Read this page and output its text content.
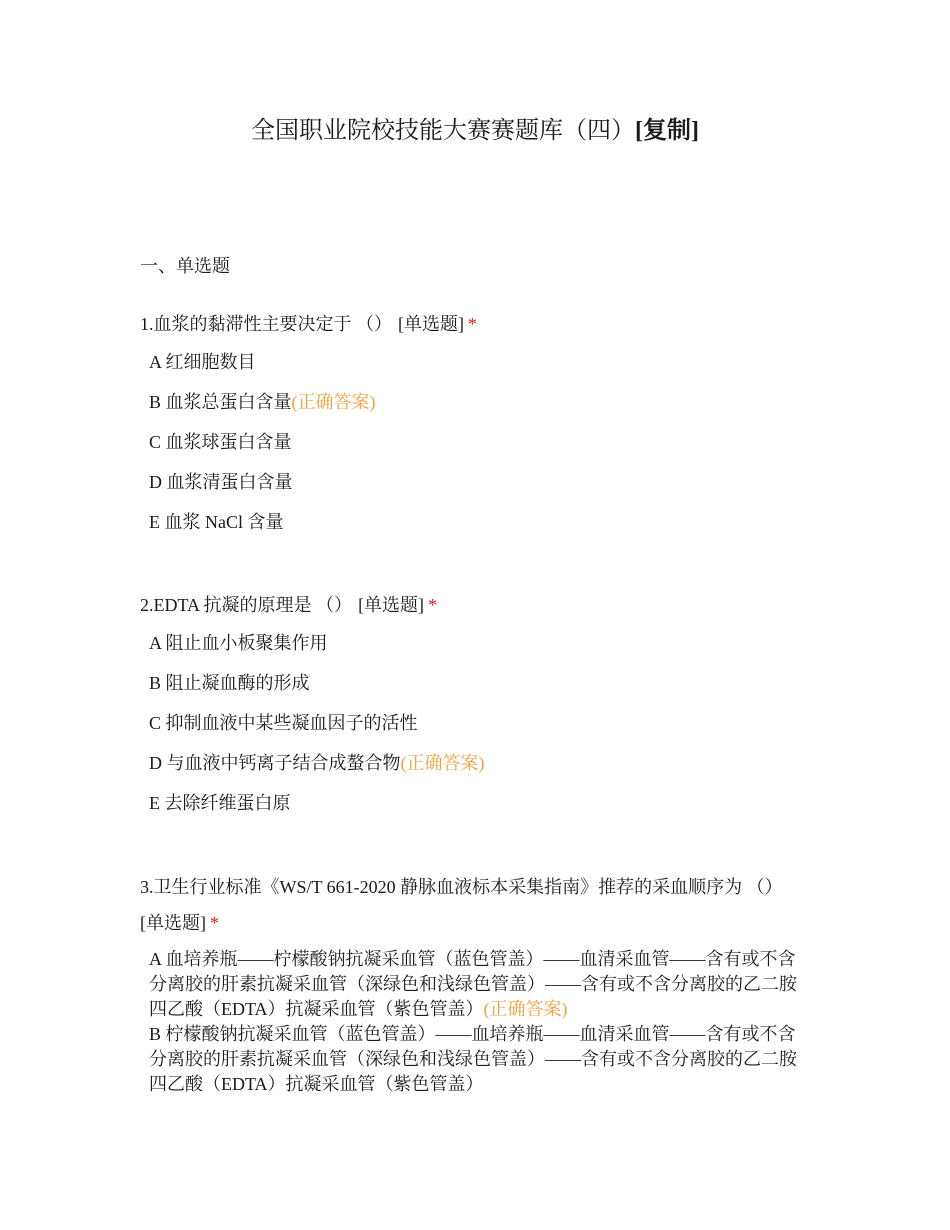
全国职业院校技能大赛赛题库（四）[复制]
一、单选题

1.血浆的黏滞性主要决定于 （） [单选题] *

A 红细胞数目
B 血浆总蛋白含量(正确答案)
C 血浆球蛋白含量
D 血浆清蛋白含量
E 血浆 NaCl 含量

2.EDTA 抗凝的原理是 （） [单选题] *

A 阻止血小板聚集作用
B 阻止凝血酶的形成
C 抑制血液中某些凝血因子的活性
D 与血液中钙离子结合成螯合物(正确答案)
E 去除纤维蛋白原

3.卫生行业标准《WS/T 661-2020 静脉血液标本采集指南》推荐的采血顺序为 （）
[单选题] *

A 血培养瓶——柠檬酸钠抗凝采血管（蓝色管盖）——血清采血管——含有或不含分离胶的肝素抗凝采血管（深绿色和浅绿色管盖）——含有或不含分离胶的乙二胺四乙酸（EDTA）抗凝采血管（紫色管盖）(正确答案)
B 柠檬酸钠抗凝采血管（蓝色管盖）——血培养瓶——血清采血管——含有或不含分离胶的肝素抗凝采血管（深绿色和浅绿色管盖）——含有或不含分离胶的乙二胺四乙酸（EDTA）抗凝采血管（紫色管盖）
